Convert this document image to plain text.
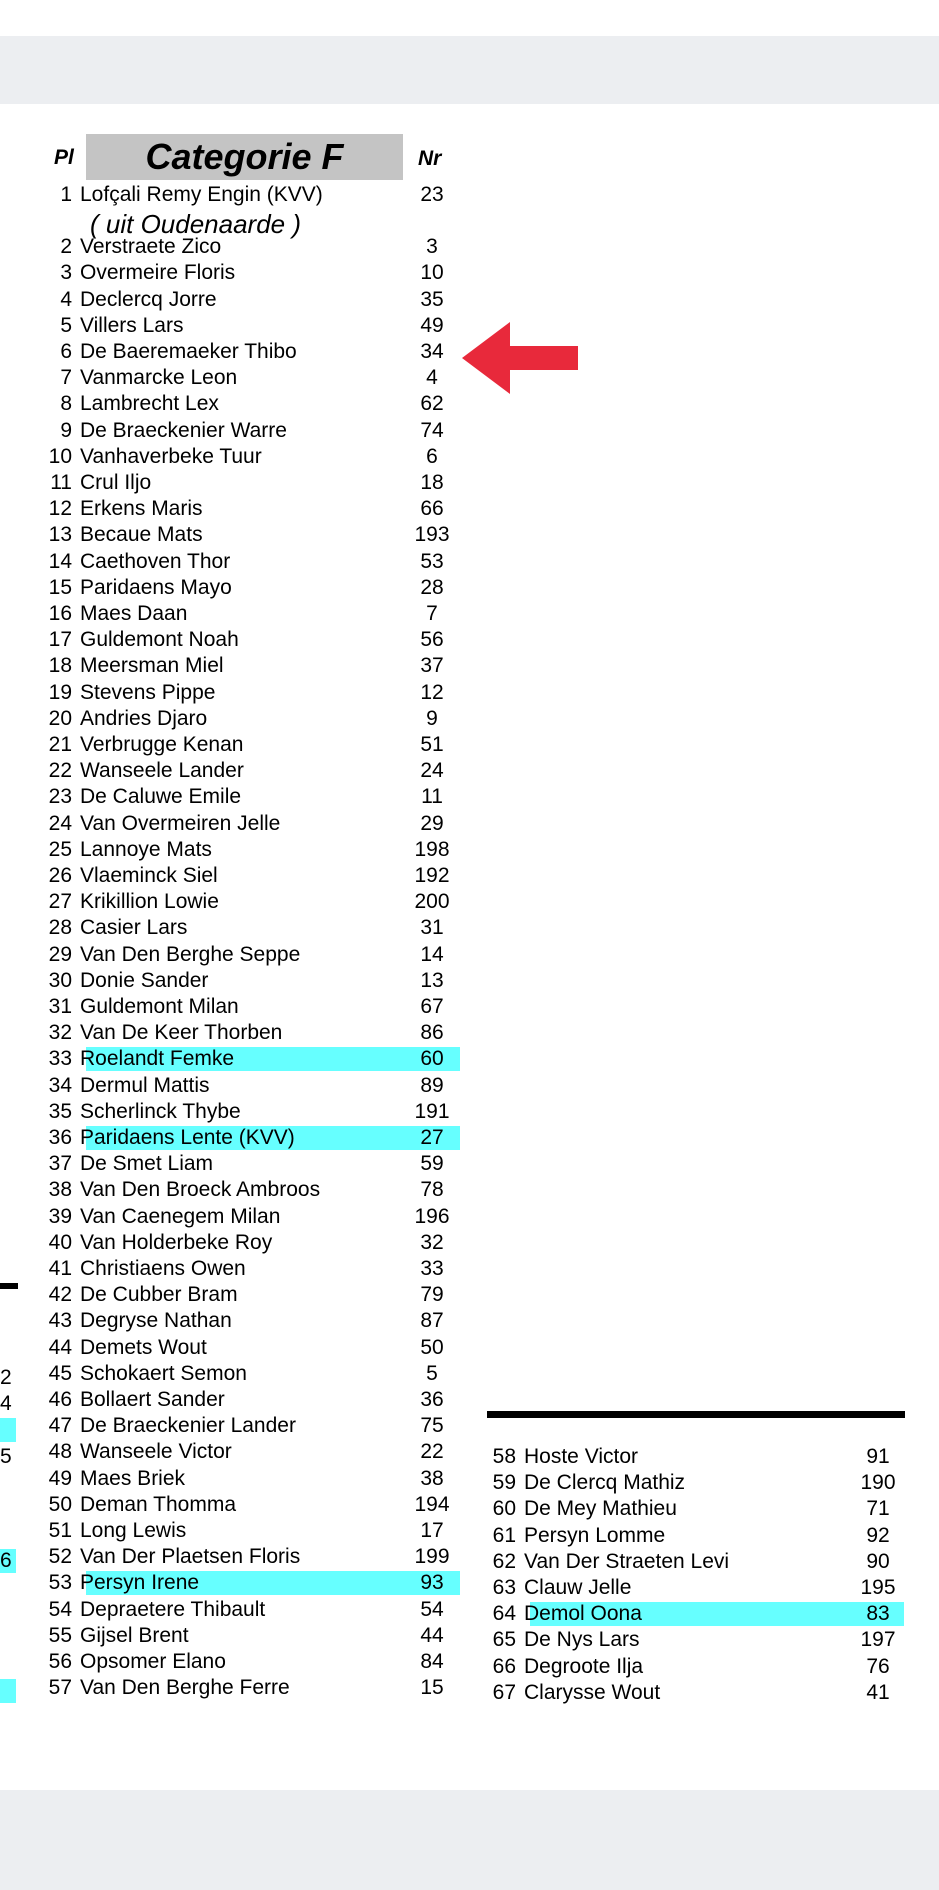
Pl	Categorie F	Nr
1 Lofçali Remy Engin (KVV)	23
2 Verstraete Zico	3
3 Overmeire Floris	10
4 Declercq Jorre	35
5 Villers Lars	49
6 De Baeremaeker Thibo	34
7 Vanmarcke Leon	4
8 Lambrecht Lex	62
9 De Braeckenier Warre	74
10 Vanhaverbeke Tuur	6
11 Crul Iljo	18
12 Erkens Maris	66
13 Becaue Mats	193
14 Caethoven Thor	53
15 Paridaens Mayo	28
16 Maes Daan	7
17 Guldemont Noah	56
18 Meersman Miel	37
19 Stevens Pippe	12
20 Andries Djaro	9
21 Verbrugge Kenan	51
22 Wanseele Lander	24
23 De Caluwe Emile	11
24 Van Overmeiren Jelle	29
25 Lannoye Mats	198
26 Vlaeminck Siel	192
27 Krikillion Lowie	200
28 Casier Lars	31
29 Van Den Berghe Seppe	14
30 Donie Sander	13
31 Guldemont Milan	67
32 Van De Keer Thorben	86
33 Roelandt Femke	60
34 Dermul Mattis	89
35 Scherlinck Thybe	191
36 Paridaens Lente (KVV)	27
37 De Smet Liam	59
38 Van Den Broeck Ambroos	78
39 Van Caenegem Milan	196
40 Van Holderbeke Roy	32
41 Christiaens Owen	33
42 De Cubber Bram	79
43 Degryse Nathan	87
44 Demets Wout	50
45 Schokaert Semon	5
46 Bollaert Sander	36
47 De Braeckenier Lander	75
48 Wanseele Victor	22
49 Maes Briek	38
50 Deman Thomma	194
51 Long Lewis	17
52 Van Der Plaetsen Floris	199
53 Persyn Irene	93
54 Depraetere Thibault	54
55 Gijsel Brent	44
56 Opsomer Elano	84
57 Van Den Berghe Ferre	15
( uit Oudenaarde )
58 Hoste Victor	91
59 De Clercq Mathiz	190
60 De Mey Mathieu	71
61 Persyn Lomme	92
62 Van Der Straeten Levi	90
63 Clauw Jelle	195
64 Demol Oona	83
65 De Nys Lars	197
66 Degroote Ilja	76
67 Clarysse Wout	41
2
4
5
6
